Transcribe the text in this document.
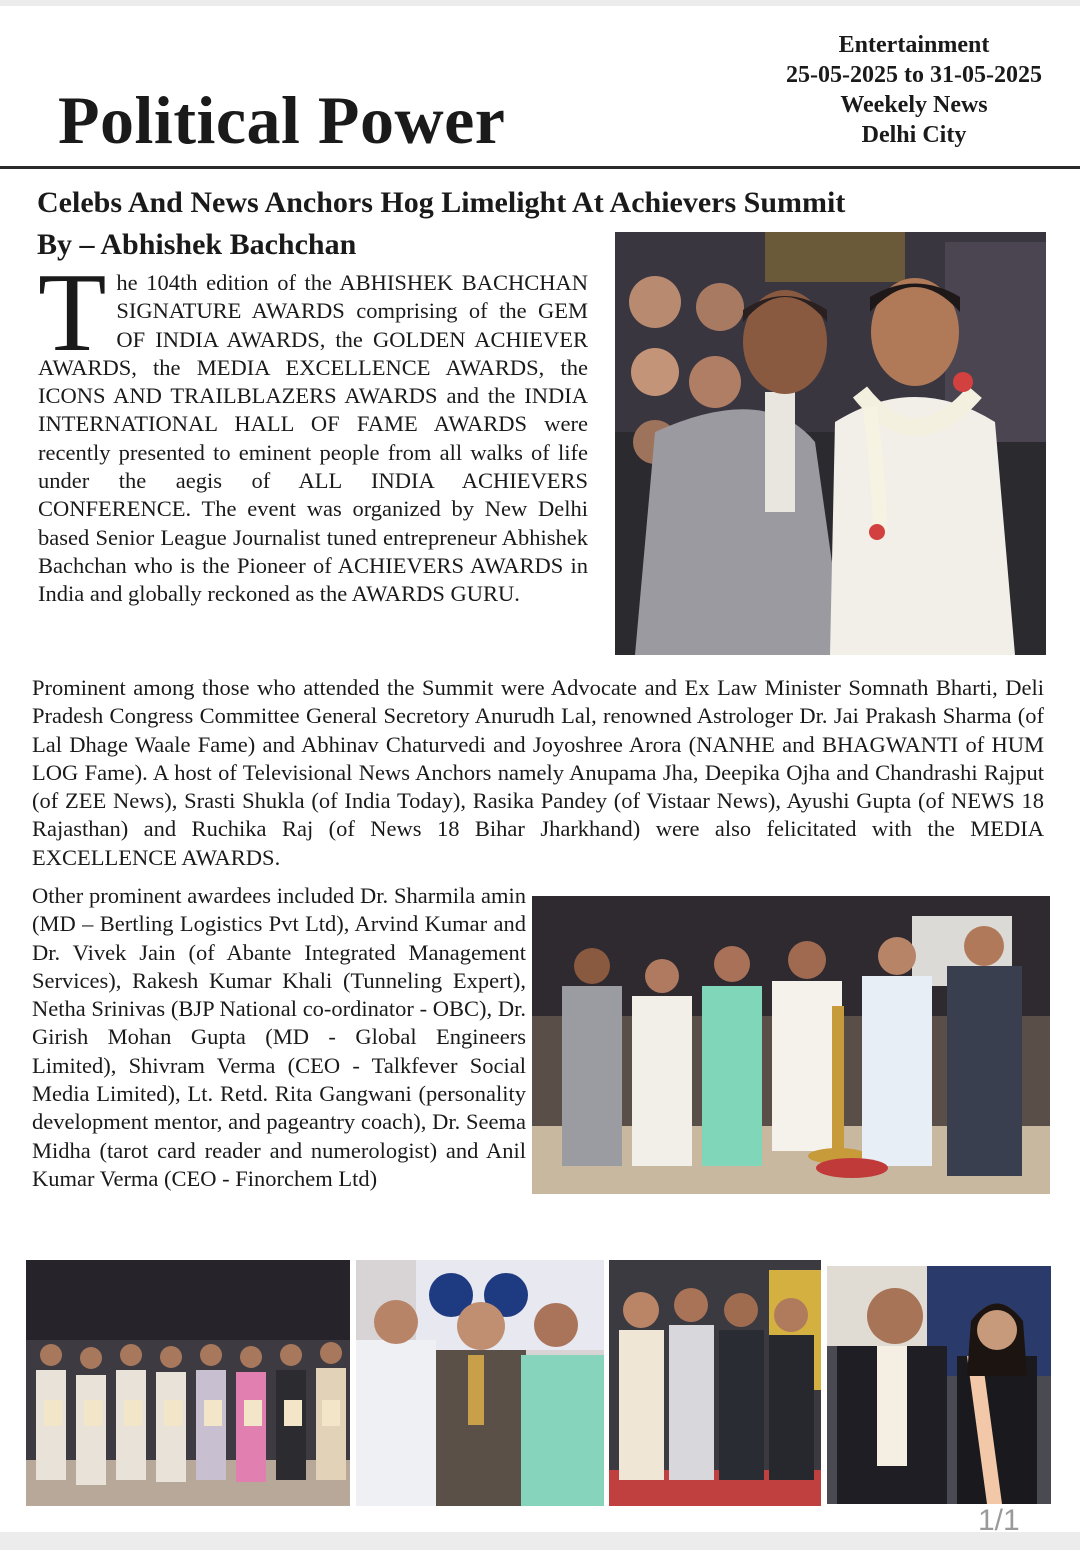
Political Power
Entertainment
25-05-2025 to 31-05-2025
Weekely News
Delhi City
Celebs And News Anchors Hog Limelight At Achievers Summit
By – Abhishek Bachchan

The 104th edition of the ABHISHEK BACHCHAN SIGNATURE AWARDS comprising of the GEM OF INDIA AWARDS, the GOLDEN ACHIEVER AWARDS, the MEDIA EXCELLENCE AWARDS, the ICONS AND TRAILBLAZERS AWARDS and the INDIA INTERNATIONAL HALL OF FAME AWARDS were recently presented to eminent people from all walks of life under the aegis of ALL INDIA ACHIEVERS CONFERENCE. The event was organized by New Delhi based Senior League Journalist tuned entrepreneur Abhishek Bachchan who is the Pioneer of ACHIEVERS AWARDS in India and globally reckoned as the AWARDS GURU.

Prominent among those who attended the Summit were Advocate and Ex Law Minister Somnath Bharti, Deli Pradesh Congress Committee General Secretory Anurudh Lal, renowned Astrologer Dr. Jai Prakash Sharma (of Lal Dhage Waale Fame) and Abhinav Chaturvedi and Joyoshree Arora (NANHE and BHAGWANTI of HUM LOG Fame). A host of Televisional News Anchors namely Anupama Jha, Deepika Ojha and Chandrashi Rajput (of ZEE News), Srasti Shukla (of India Today), Rasika Pandey (of Vistaar News), Ayushi Gupta (of NEWS 18 Rajasthan) and Ruchika Raj (of News 18 Bihar Jharkhand) were also felicitated with the MEDIA EXCELLENCE AWARDS.

Other prominent awardees included Dr. Sharmila amin (MD – Bertling Logistics Pvt Ltd), Arvind Kumar and Dr. Vivek Jain (of Abante Integrated Management Services), Rakesh Kumar Khali (Tunneling Expert), Netha Srinivas (BJP National co-ordinator - OBC), Dr. Girish Mohan Gupta (MD - Global Engineers Limited), Shivram Verma (CEO - Talkfever Social Media Limited), Lt. Retd. Rita Gangwani (personality development mentor, and pageantry coach), Dr. Seema Midha (tarot card reader and numerologist) and Anil Kumar Verma (CEO - Finorchem Ltd)

1/1
